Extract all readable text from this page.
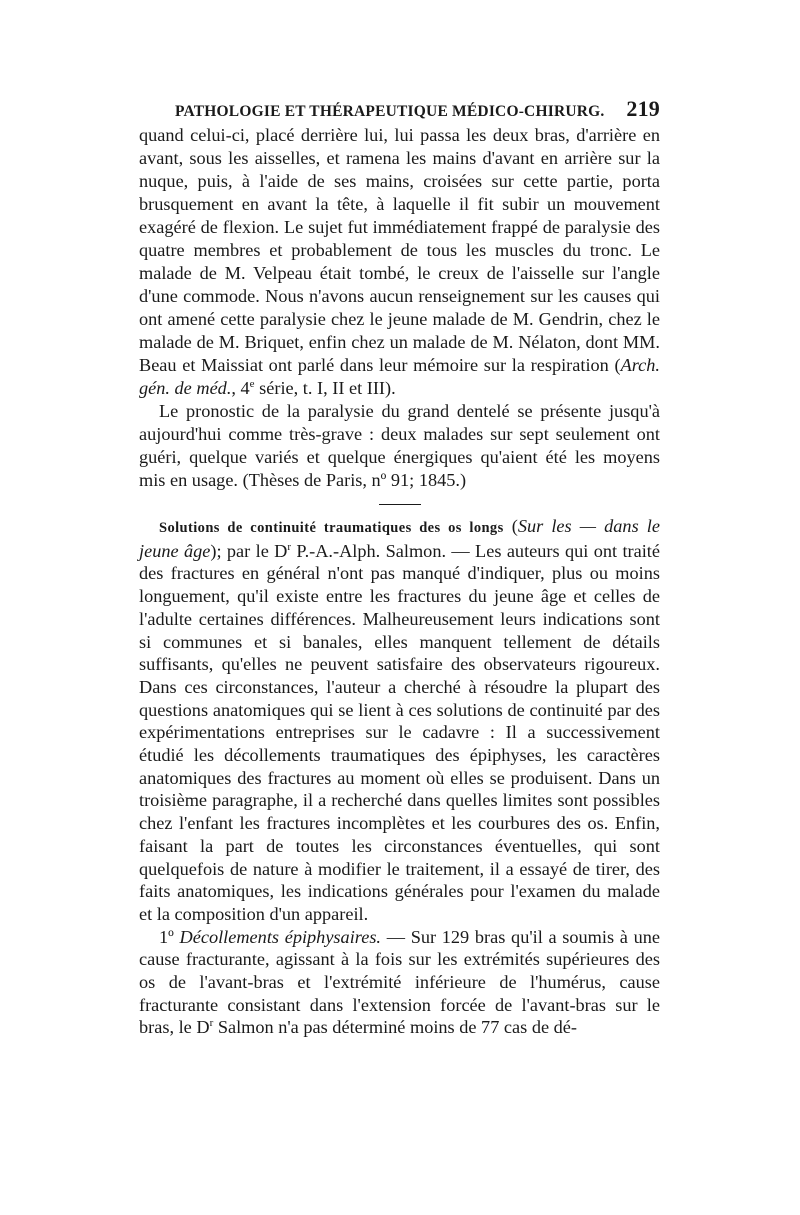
PATHOLOGIE ET THÉRAPEUTIQUE MÉDICO-CHIRURG. 219

quand celui-ci, placé derrière lui, lui passa les deux bras, d'arrière en avant, sous les aisselles, et ramena les mains d'avant en arrière sur la nuque, puis, à l'aide de ses mains, croisées sur cette partie, porta brusquement en avant la tête, à laquelle il fit subir un mouvement exagéré de flexion. Le sujet fut immédiatement frappé de paralysie des quatre membres et probablement de tous les muscles du tronc. Le malade de M. Velpeau était tombé, le creux de l'aisselle sur l'angle d'une commode. Nous n'avons aucun renseignement sur les causes qui ont amené cette paralysie chez le jeune malade de M. Gendrin, chez le malade de M. Briquet, enfin chez un malade de M. Nélaton, dont MM. Beau et Maissiat ont parlé dans leur mémoire sur la respiration (Arch. gén. de méd., 4e série, t. I, II et III).

Le pronostic de la paralysie du grand dentelé se présente jusqu'à aujourd'hui comme très-grave : deux malades sur sept seulement ont guéri, quelque variés et quelque énergiques qu'aient été les moyens mis en usage. (Thèses de Paris, nº 91; 1845.)

Solutions de continuité traumatiques des os longs (Sur les — dans le jeune âge); par le $D^r$ P.-A.-Alph. Salmon. — Les auteurs qui ont traité des fractures en général n'ont pas manqué d'indiquer, plus ou moins longuement, qu'il existe entre les fractures du jeune âge et celles de l'adulte certaines différences. Malheureusement leurs indications sont si communes et si banales, elles manquent tellement de détails suffisants, qu'elles ne peuvent satisfaire des observateurs rigoureux. Dans ces circonstances, l'auteur a cherché à résoudre la plupart des questions anatomiques qui se lient à ces solutions de continuité par des expérimentations entreprises sur le cadavre : Il a successivement étudié les décollements traumatiques des épiphyses, les caractères anatomiques des fractures au moment où elles se produisent. Dans un troisième paragraphe, il a recherché dans quelles limites sont possibles chez l'enfant les fractures incomplètes et les courbures des os. Enfin, faisant la part de toutes les circonstances éventuelles, qui sont quelquefois de nature à modifier le traitement, il a essayé de tirer, des faits anatomiques, les indications générales pour l'examen du malade et la composition d'un appareil.

1º Décollements épiphysaires. — Sur 129 bras qu'il a soumis à une cause fracturante, agissant à la fois sur les extrémités supérieures des os de l'avant-bras et l'extrémité inférieure de l'humérus, cause fracturante consistant dans l'extension forcée de l'avant-bras sur le bras, le $D^r$ Salmon n'a pas déterminé moins de 77 cas de dé-
